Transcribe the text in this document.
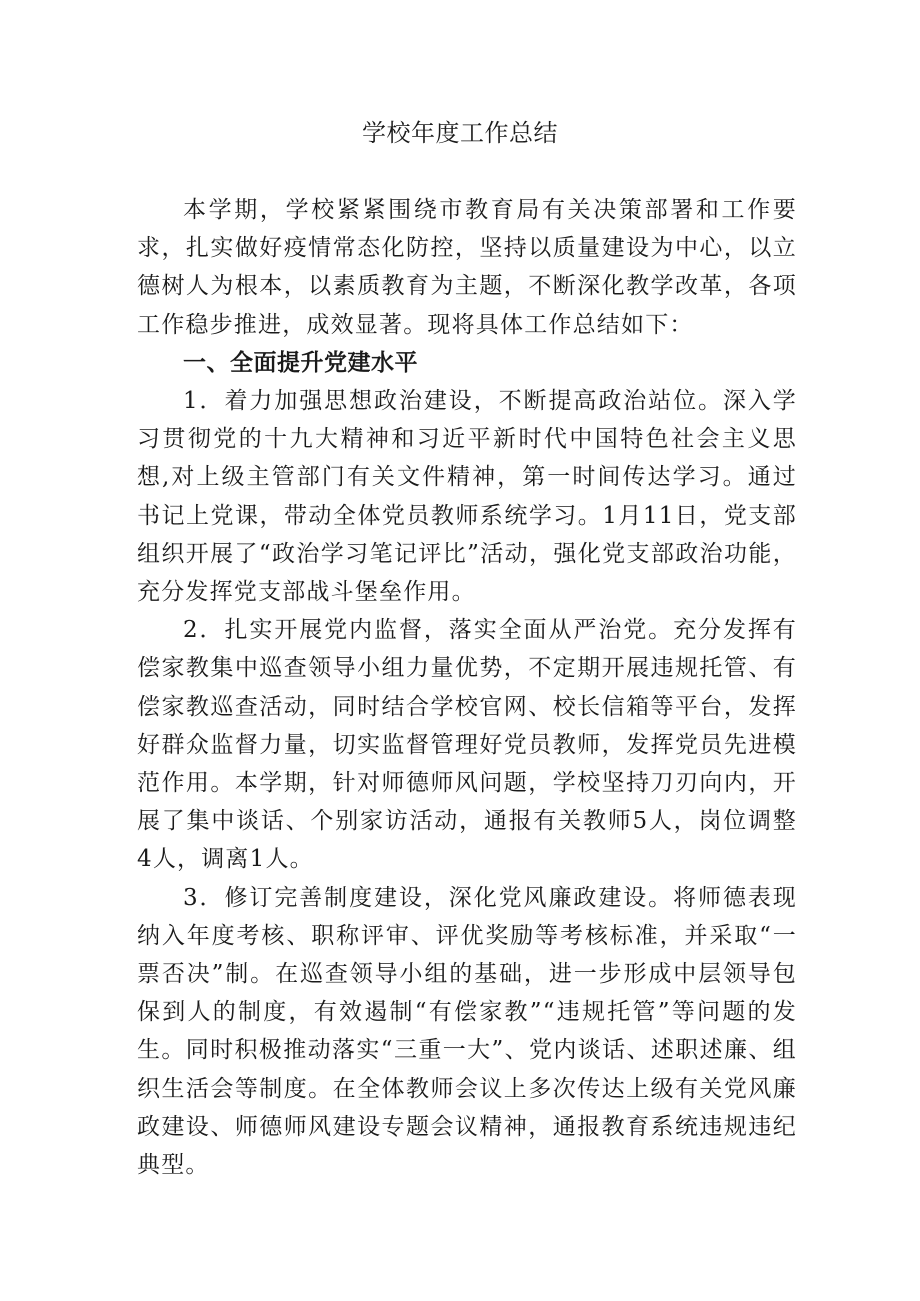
学校年度工作总结

本学期，学校紧紧围绕市教育局有关决策部署和工作要求，扎实做好疫情常态化防控，坚持以质量建设为中心，以立德树人为根本，以素质教育为主题，不断深化教学改革，各项工作稳步推进，成效显著。现将具体工作总结如下：

一、全面提升党建水平

1．着力加强思想政治建设，不断提高政治站位。深入学习贯彻党的十九大精神和习近平新时代中国特色社会主义思想,对上级主管部门有关文件精神，第一时间传达学习。通过书记上党课，带动全体党员教师系统学习。1月11日，党支部组织开展了“政治学习笔记评比”活动，强化党支部政治功能，充分发挥党支部战斗堡垒作用。

2．扎实开展党内监督，落实全面从严治党。充分发挥有偿家教集中巡查领导小组力量优势，不定期开展违规托管、有偿家教巡查活动，同时结合学校官网、校长信箱等平台，发挥好群众监督力量，切实监督管理好党员教师，发挥党员先进模范作用。本学期，针对师德师风问题，学校坚持刀刃向内，开展了集中谈话、个别家访活动，通报有关教师5人，岗位调整4人，调离1人。

3．修订完善制度建设，深化党风廉政建设。将师德表现纳入年度考核、职称评审、评优奖励等考核标准，并采取“一票否决”制。在巡查领导小组的基础，进一步形成中层领导包保到人的制度，有效遏制“有偿家教”“违规托管”等问题的发生。同时积极推动落实“三重一大”、党内谈话、述职述廉、组织生活会等制度。在全体教师会议上多次传达上级有关党风廉政建设、师德师风建设专题会议精神，通报教育系统违规违纪典型。
